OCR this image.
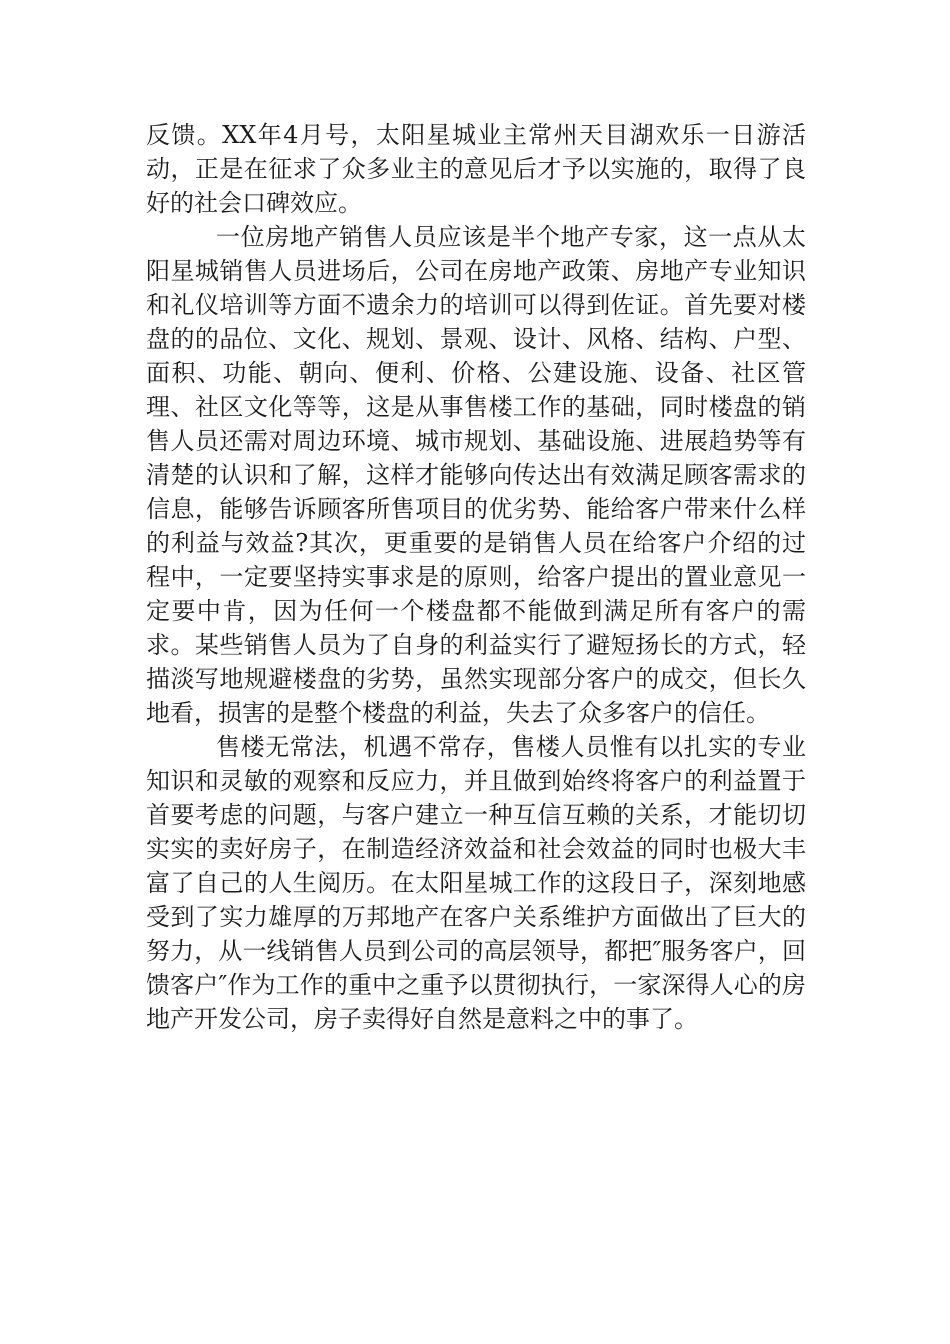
反馈。XX年4月号，太阳星城业主常州天目湖欢乐一日游活动，正是在征求了众多业主的意见后才予以实施的，取得了良好的社会口碑效应。

一位房地产销售人员应该是半个地产专家，这一点从太阳星城销售人员进场后，公司在房地产政策、房地产专业知识和礼仪培训等方面不遗余力的培训可以得到佐证。首先要对楼盘的的品位、文化、规划、景观、设计、风格、结构、户型、面积、功能、朝向、便利、价格、公建设施、设备、社区管理、社区文化等等，这是从事售楼工作的基础，同时楼盘的销售人员还需对周边环境、城市规划、基础设施、进展趋势等有清楚的认识和了解，这样才能够向传达出有效满足顾客需求的信息，能够告诉顾客所售项目的优劣势、能给客户带来什么样的利益与效益?其次，更重要的是销售人员在给客户介绍的过程中，一定要坚持实事求是的原则，给客户提出的置业意见一定要中肯，因为任何一个楼盘都不能做到满足所有客户的需求。某些销售人员为了自身的利益实行了避短扬长的方式，轻描淡写地规避楼盘的劣势，虽然实现部分客户的成交，但长久地看，损害的是整个楼盘的利益，失去了众多客户的信任。

售楼无常法，机遇不常存，售楼人员惟有以扎实的专业知识和灵敏的观察和反应力，并且做到始终将客户的利益置于首要考虑的问题，与客户建立一种互信互赖的关系，才能切切实实的卖好房子，在制造经济效益和社会效益的同时也极大丰富了自己的人生阅历。在太阳星城工作的这段日子，深刻地感受到了实力雄厚的万邦地产在客户关系维护方面做出了巨大的努力，从一线销售人员到公司的高层领导，都把″服务客户，回馈客户″作为工作的重中之重予以贯彻执行，一家深得人心的房地产开发公司，房子卖得好自然是意料之中的事了。
